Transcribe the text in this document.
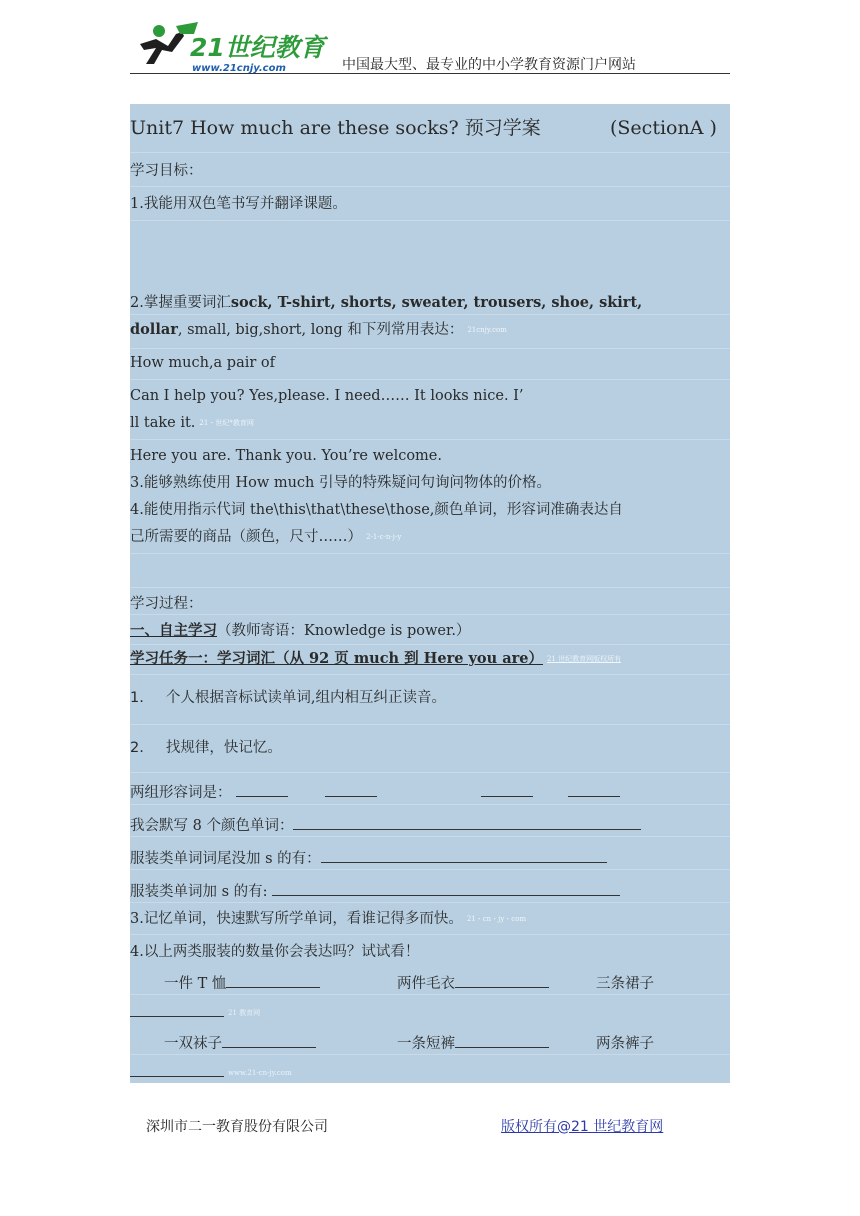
21世纪教育
www.21cnjy.com	中国最大型、最专业的中小学教育资源门户网站
Unit7 How much are these socks? 预习学案	(SectionA )
学习目标：
1.我能用双色笔书写并翻译课题。
2.掌握重要词汇sock, T-shirt, shorts, sweater, trousers, shoe, skirt,
dollar, small, big,short, long 和下列常用表达： 21cnjy.com
How much,a pair of
Can I help you? Yes,please. I need…… It looks nice. I’
ll take it. 21・世纪*教育网
Here you are. Thank you. You’re welcome.
3.能够熟练使用 How much 引导的特殊疑问句询问物体的价格。
4.能使用指示代词 the\this\that\these\those,颜色单词，形容词准确表达自
己所需要的商品（颜色，尺寸……） 2-1-c-n-j-y
学习过程：
一、自主学习（教师寄语：Knowledge is power.）
学习任务一：学习词汇（从 92 页 much 到 Here you are） 21 世纪教育网版权所有
1. 个人根据音标试读单词,组内相互纠正读音。
2. 找规律，快记忆。
两组形容词是：
我会默写 8 个颜色单词：
服装类单词词尾没加 s 的有：
服装类单词加 s 的有:
3.记忆单词，快速默写所学单词，看谁记得多而快。 21・cn・jy・com
4.以上两类服装的数量你会表达吗？试试看！
一件 T 恤	两件毛衣	三条裙子
21 教育网
一双袜子	一条短裤	两条裤子
www.21-cn-jy.com
深圳市二一教育股份有限公司	版权所有@21 世纪教育网
